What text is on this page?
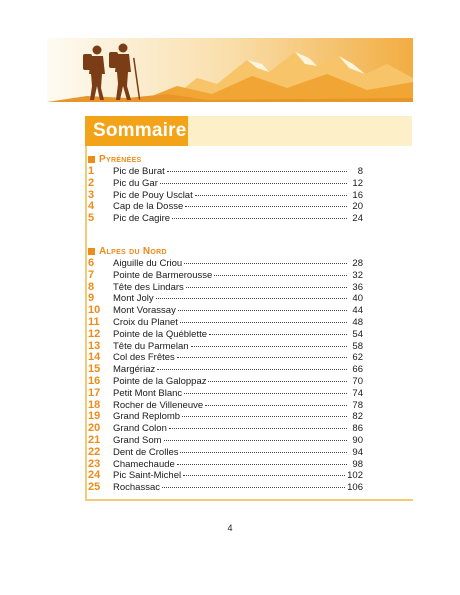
Sommaire
Pyrénées
1	Pic de Burat	8
2	Pic du Gar	12
3	Pic de Pouy Usclat	16
4	Cap de la Dosse	20
5	Pic de Cagire	24
Alpes du Nord
6	Aiguille du Criou	28
7	Pointe de Barmerousse	32
8	Tête des Lindars	36
9	Mont Joly	40
10	Mont Vorassay	44
11	Croix du Planet	48
12	Pointe de la Québlette	54
13	Tête du Parmelan	58
14	Col des Frêtes	62
15	Margériaz	66
16	Pointe de la Galoppaz	70
17	Petit Mont Blanc	74
18	Rocher de Villeneuve	78
19	Grand Replomb	82
20	Grand Colon	86
21	Grand Som	90
22	Dent de Crolles	94
23	Chamechaude	98
24	Pic Saint-Michel	102
25	Rochassac	106
4
